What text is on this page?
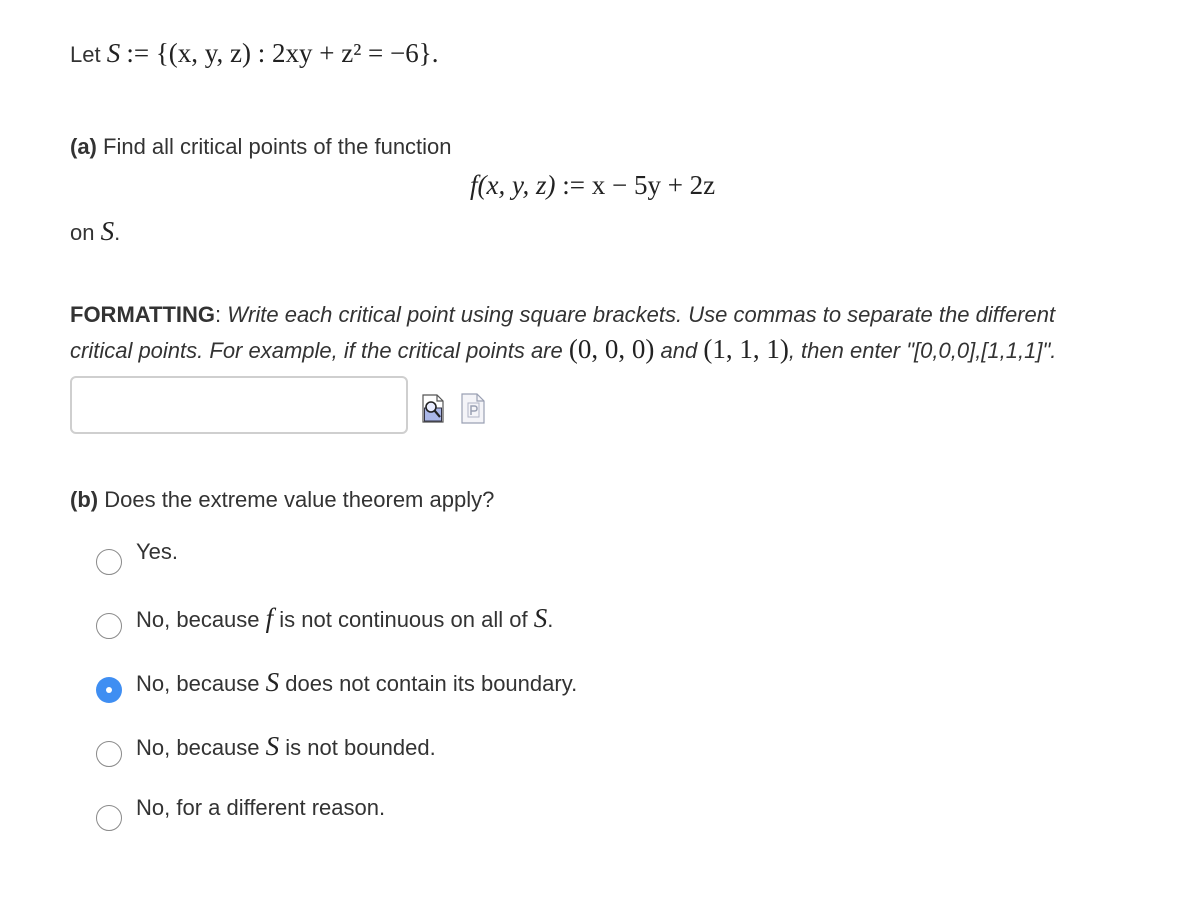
Let S := {(x, y, z) : 2xy + z² = −6}.
(a) Find all critical points of the function
f(x, y, z) := x − 5y + 2z
on S.
FORMATTING: Write each critical point using square brackets. Use commas to separate the different
critical points. For example, if the critical points are (0, 0, 0) and (1, 1, 1), then enter "[0,0,0],[1,1,1]".
(b) Does the extreme value theorem apply?
Yes.
No, because f is not continuous on all of S.
No, because S does not contain its boundary.
No, because S is not bounded.
No, for a different reason.
